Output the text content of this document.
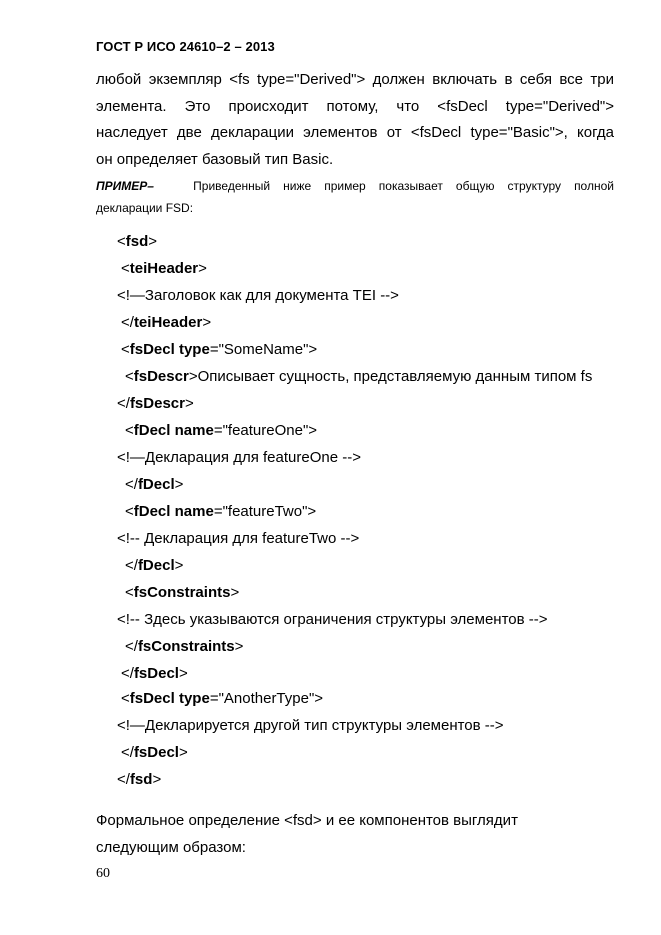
ГОСТ Р ИСО 24610–2 – 2013
любой экземпляр <fs type="Derived"> должен включать в себя все три
элемента. Это происходит потому, что <fsDecl type="Derived">
наследует две декларации элементов от <fsDecl type="Basic">, когда
он определяет базовый тип Basic.
ПРИМЕР–	Приведенный ниже пример показывает общую структуру полной
декларации FSD:
<fsd>
<teiHeader>
<!—Заголовок как для документа TEI -->
</teiHeader>
<fsDecl type="SomeName">
<fsDescr>Описывает сущность, представляемую данным типом fs
</fsDescr>
<fDecl name="featureOne">
<!—Декларация для featureOne -->
</fDecl>
<fDecl name="featureTwo">
<!-- Декларация для featureTwo -->
</fDecl>
<fsConstraints>
<!-- Здесь указываются ограничения структуры элементов -->
</fsConstraints>
</fsDecl>
<fsDecl type="AnotherType">
<!—Декларируется другой тип структуры элементов -->
</fsDecl>
</fsd>
Формальное определение <fsd> и ее компонентов выглядит
следующим образом:
60
